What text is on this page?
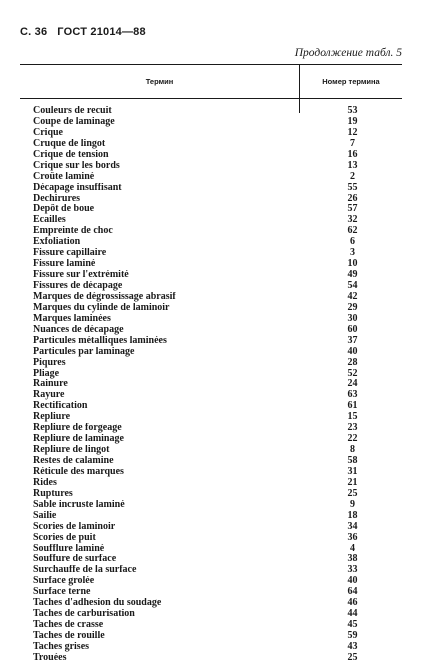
С. 36 ГОСТ 21014—88
Продолжение табл. 5
Термин	Номер термина
Couleurs de recuit	53
Coupe de laminage	19
Crique	12
Cruque de lingot	7
Crique de tension	16
Crique sur les bords	13
Croûte laminé	2
Décapage insuffisant	55
Dechirures	26
Depôt de boue	57
Ecailles	32
Empreinte de choc	62
Exfoliation	6
Fissure capillaire	3
Fissure laminé	10
Fissure sur l'extrémité	49
Fissures de décapage	54
Marques de dégrossissage abrasif	42
Marques du cylinde de laminoir	29
Marques laminées	30
Nuances de décapage	60
Particules métalliques laminées	37
Particules par laminage	40
Piqures	28
Pliage	52
Rainure	24
Rayure	63
Rectification	61
Repliure	15
Repliure de forgeage	23
Repliure de laminage	22
Repliure de lingot	8
Restes de calamine	58
Réticule des marques	31
Rides	21
Ruptures	25
Sable incruste laminé	9
Sailie	18
Scories de laminoir	34
Scories de puit	36
Soufflure laminé	4
Souffure de surface	38
Surchauffe de la surface	33
Surface grolée	40
Surface terne	64
Taches d'adhesion du soudage	46
Taches de carburisation	44
Taches de crasse	45
Taches de rouille	59
Taches grises	43
Trouées	25
